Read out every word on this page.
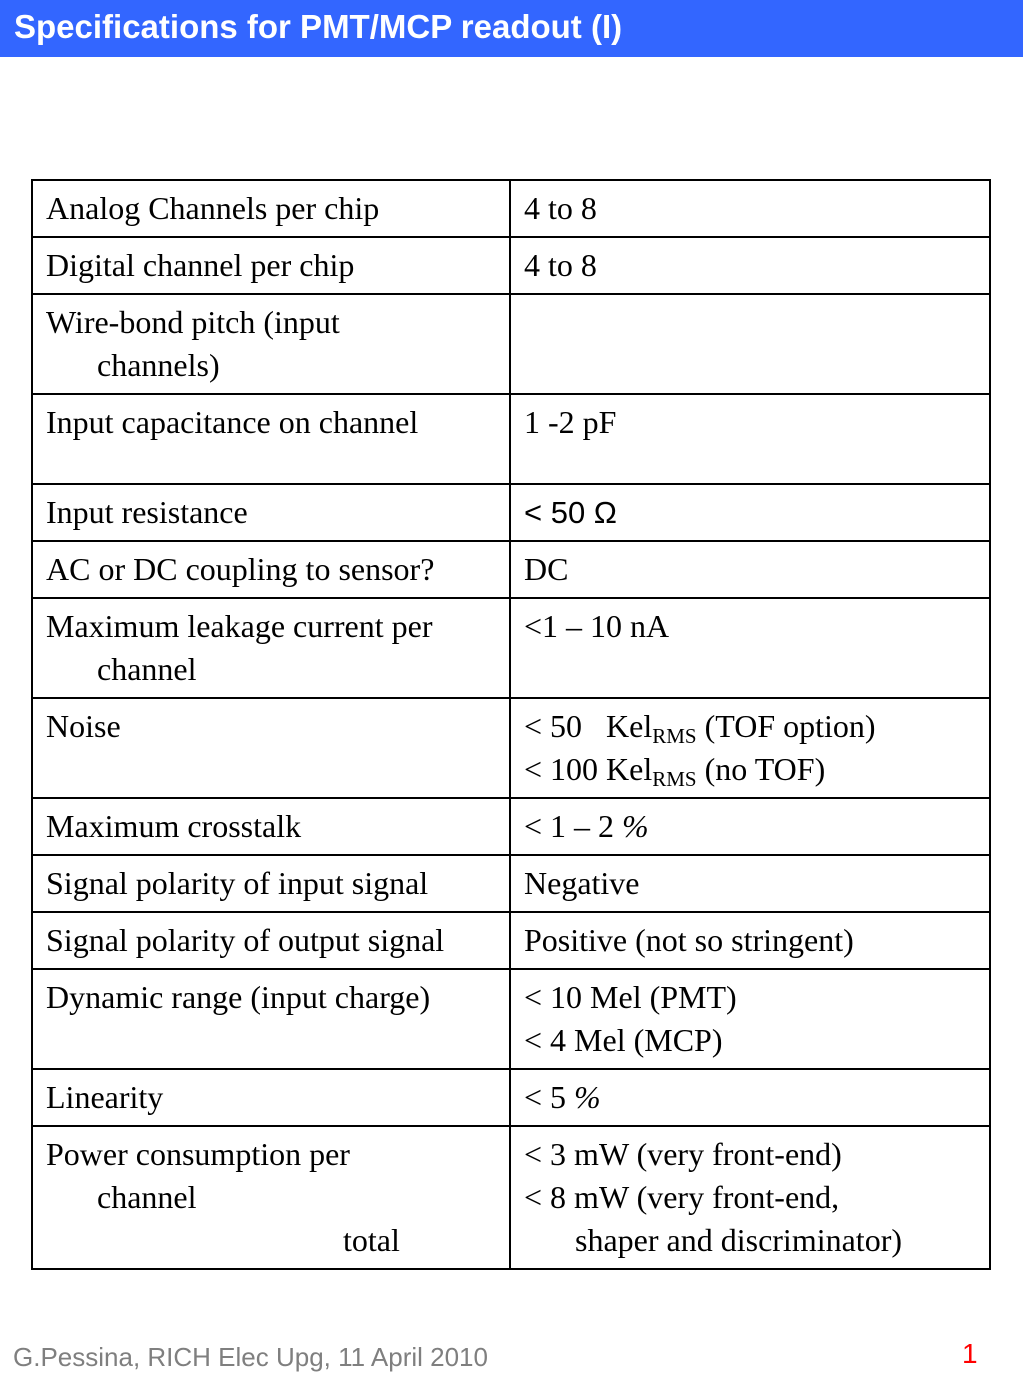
Specifications for PMT/MCP readout (I)
Analog Channels per chip	4 to 8

Digital channel per chip	4 to 8

Wire-bond pitch (input
channels)	

Input capacitance on channel	1 -2 pF

Input resistance	< 50 Ω

AC or DC coupling to sensor?	DC

Maximum leakage current per
channel	<1 – 10 nA

Noise	< 50   Kel$_{RMS}$ (TOF option)
< 100 Kel$_{RMS}$ (no TOF)

Maximum crosstalk	< 1 – 2 %

Signal polarity of input signal	Negative

Signal polarity of output signal	Positive (not so stringent)

Dynamic range (input charge)	< 10 Mel (PMT)
< 4 Mel (MCP)

Linearity	< 5 %

Power consumption per
channel
total	< 3 mW (very front-end)
< 8 mW (very front-end,
shaper and discriminator)
G.Pessina, RICH Elec Upg, 11 April 2010	1
